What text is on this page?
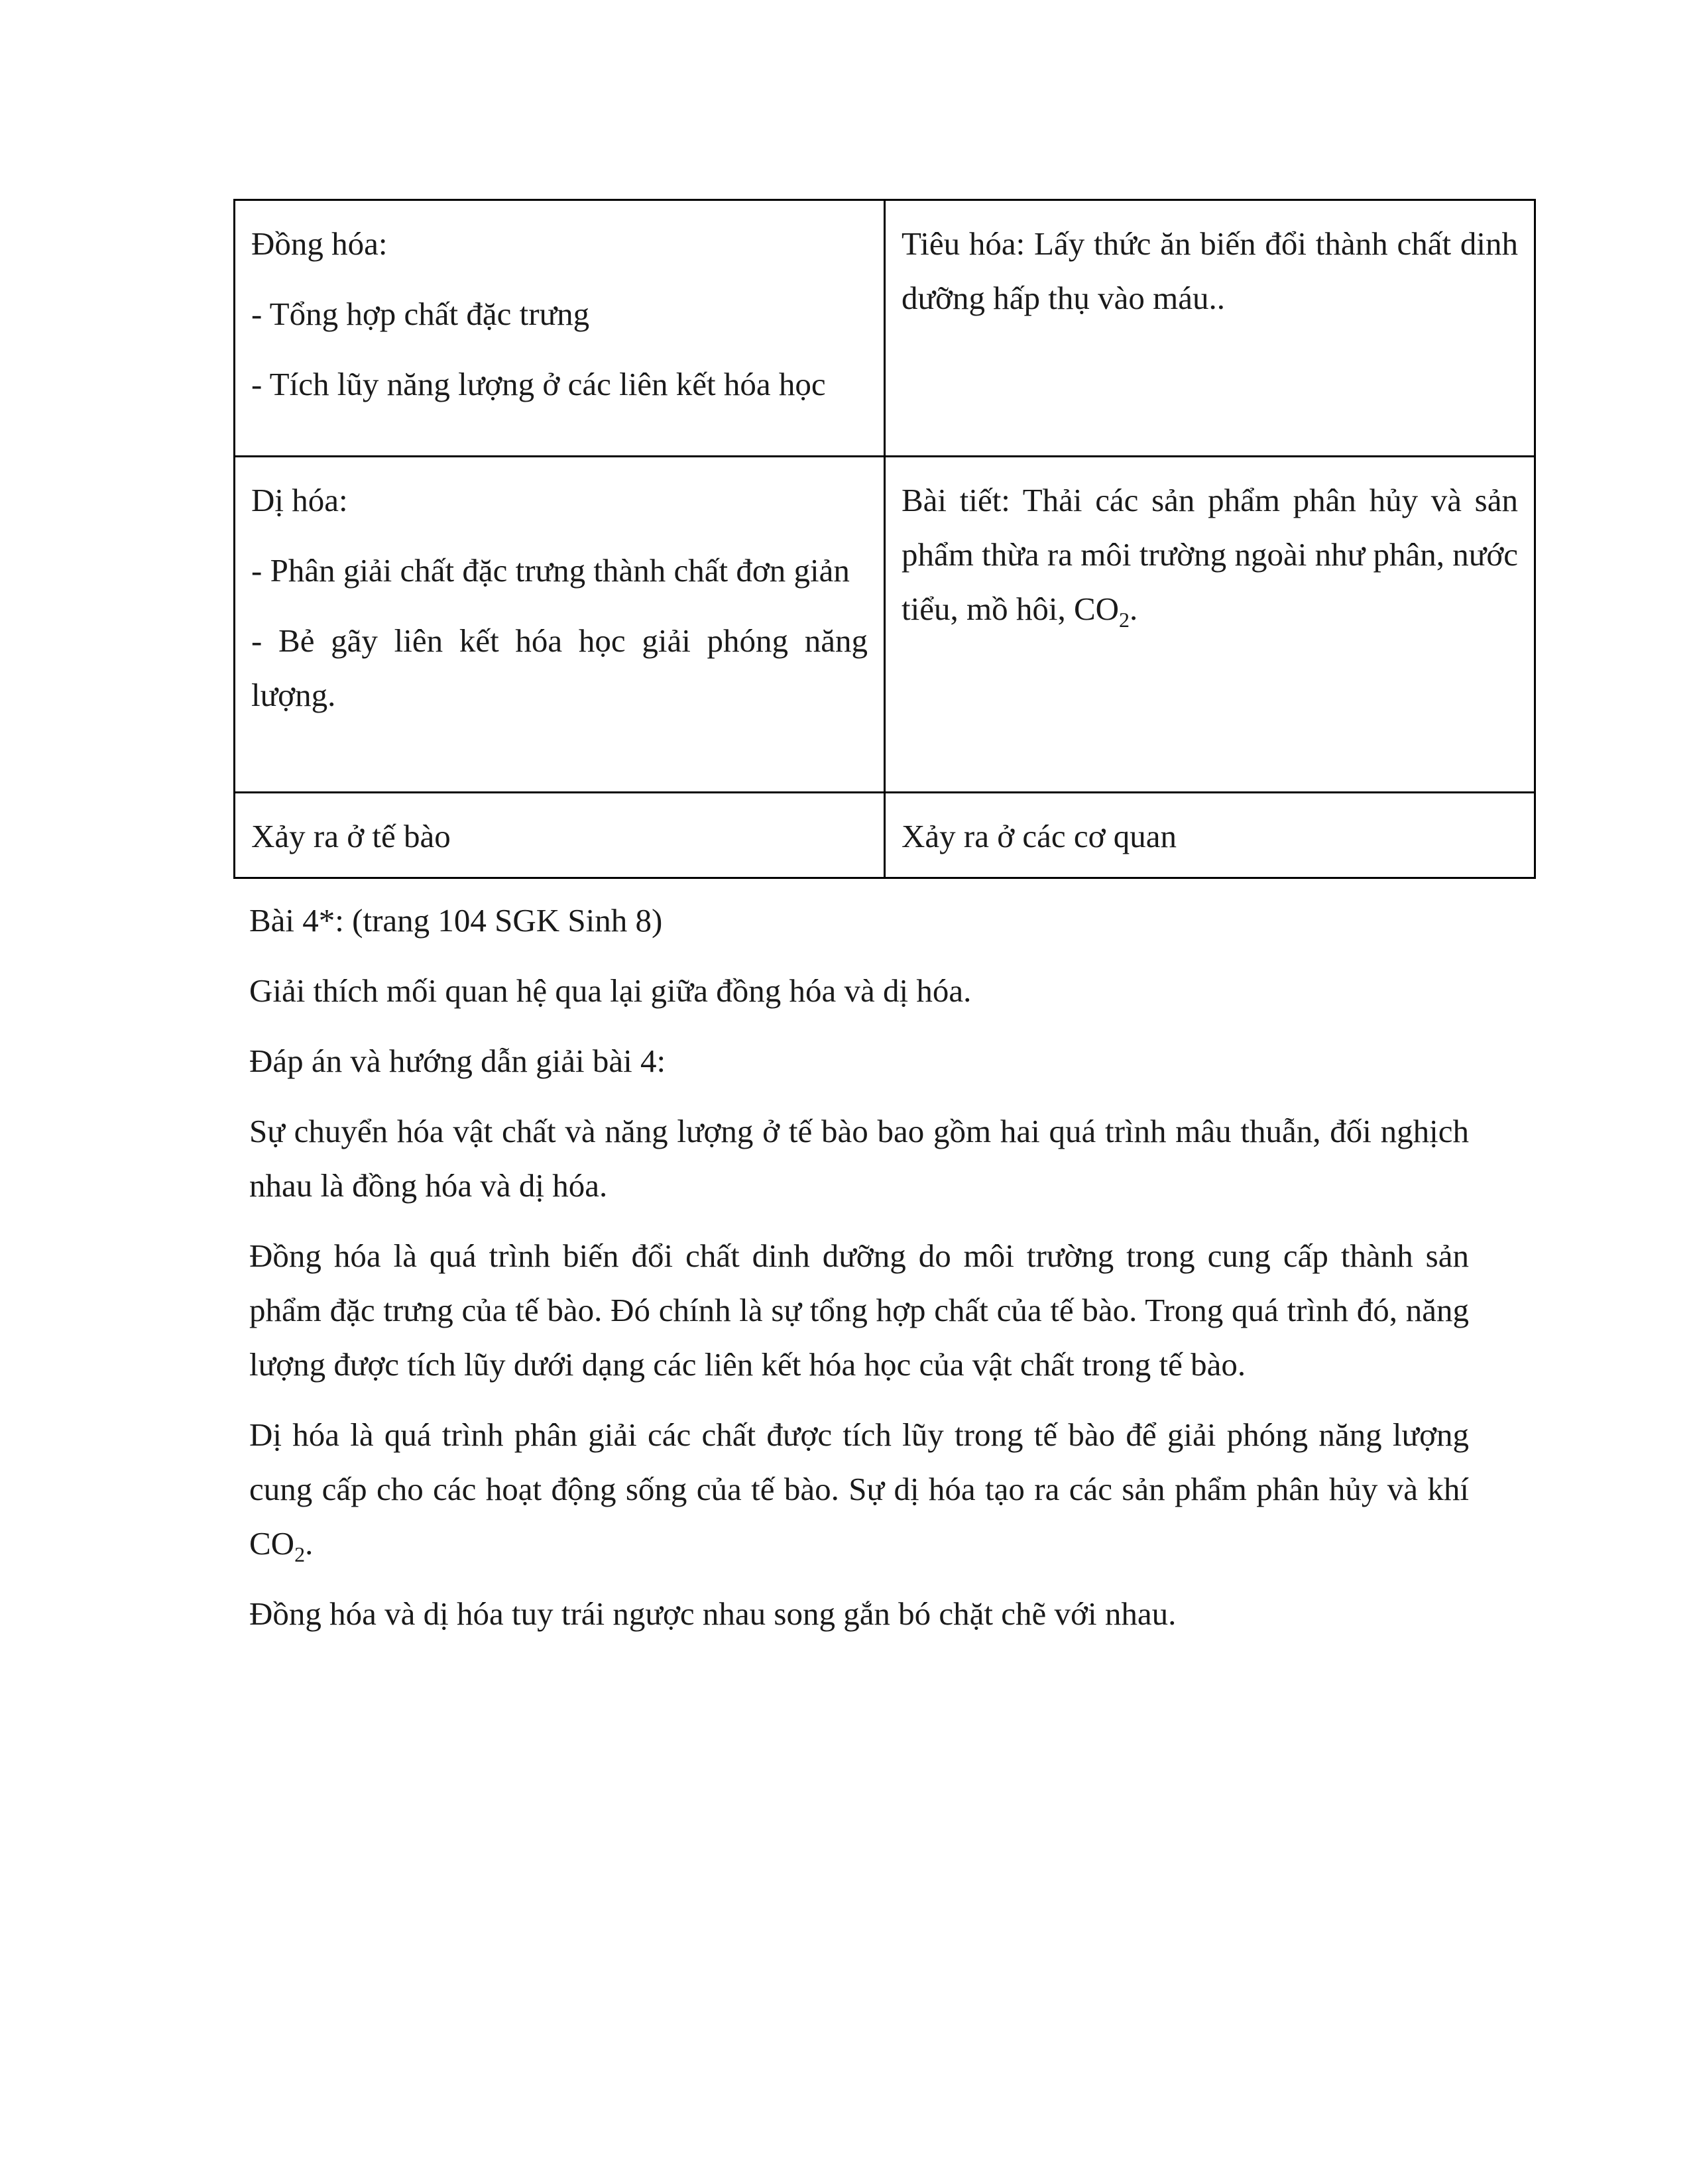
Đồng hóa:

- Tổng hợp chất đặc trưng

- Tích lũy năng lượng ở các liên kết hóa học	Tiêu hóa: Lấy thức ăn biến đổi thành chất dinh dưỡng hấp thụ vào máu..

Dị hóa:

- Phân giải chất đặc trưng thành chất đơn giản

- Bẻ gãy liên kết hóa học giải phóng năng lượng.	Bài tiết: Thải các sản phẩm phân hủy và sản phẩm thừa ra môi trường ngoài như phân, nước tiểu, mồ hôi, $CO_2$.

Xảy ra ở tế bào	Xảy ra ở các cơ quan

Bài 4*: (trang 104 SGK Sinh 8)

Giải thích mối quan hệ qua lại giữa đồng hóa và dị hóa.

Đáp án và hướng dẫn giải bài 4:

Sự chuyển hóa vật chất và năng lượng ở tế bào bao gồm hai quá trình mâu thuẫn, đối nghịch nhau là đồng hóa và dị hóa.

Đồng hóa là quá trình biến đổi chất dinh dưỡng do môi trường trong cung cấp thành sản phẩm đặc trưng của tế bào. Đó chính là sự tổng hợp chất của tế bào. Trong quá trình đó, năng lượng được tích lũy dưới dạng các liên kết hóa học của vật chất trong tế bào.

Dị hóa là quá trình phân giải các chất được tích lũy trong tế bào để giải phóng năng lượng cung cấp cho các hoạt động sống của tế bào. Sự dị hóa tạo ra các sản phẩm phân hủy và khí $CO_2$.

Đồng hóa và dị hóa tuy trái ngược nhau song gắn bó chặt chẽ với nhau.
